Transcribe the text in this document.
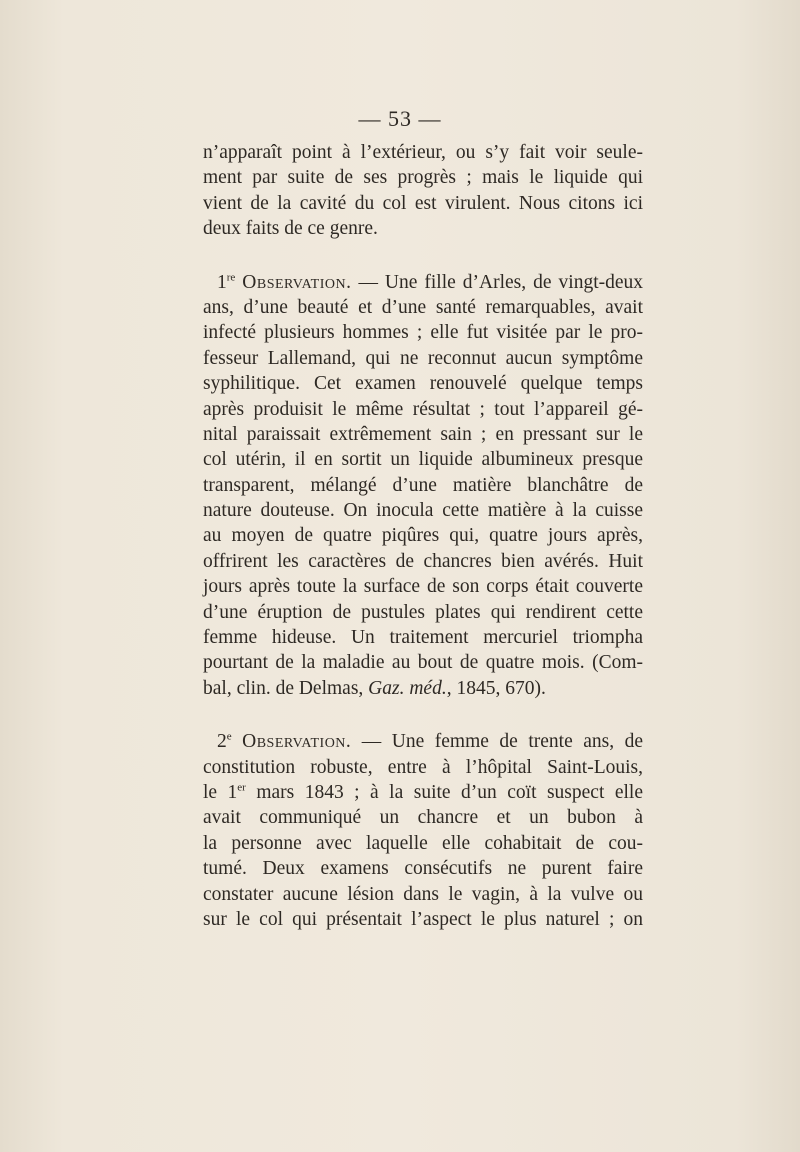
— 53 —
n’apparaît point à l’extérieur, ou s’y fait voir seule-
ment par suite de ses progrès ; mais le liquide qui
vient de la cavité du col est virulent. Nous citons ici
deux faits de ce genre.
1re Observation. — Une fille d’Arles, de vingt-deux
ans, d’une beauté et d’une santé remarquables, avait
infecté plusieurs hommes ; elle fut visitée par le pro-
fesseur Lallemand, qui ne reconnut aucun symptôme
syphilitique. Cet examen renouvelé quelque temps
après produisit le même résultat ; tout l’appareil gé-
nital paraissait extrêmement sain ; en pressant sur le
col utérin, il en sortit un liquide albumineux presque
transparent, mélangé d’une matière blanchâtre de
nature douteuse. On inocula cette matière à la cuisse
au moyen de quatre piqûres qui, quatre jours après,
offrirent les caractères de chancres bien avérés. Huit
jours après toute la surface de son corps était couverte
d’une éruption de pustules plates qui rendirent cette
femme hideuse. Un traitement mercuriel triompha
pourtant de la maladie au bout de quatre mois. (Com-
bal, clin. de Delmas, Gaz. méd., 1845, 670).
2e Observation. — Une femme de trente ans, de
constitution robuste, entre à l’hôpital Saint-Louis,
le 1er mars 1843 ; à la suite d’un coït suspect elle
avait communiqué un chancre et un bubon à
la personne avec laquelle elle cohabitait de cou-
tumé. Deux examens consécutifs ne purent faire
constater aucune lésion dans le vagin, à la vulve ou
sur le col qui présentait l’aspect le plus naturel ; on
